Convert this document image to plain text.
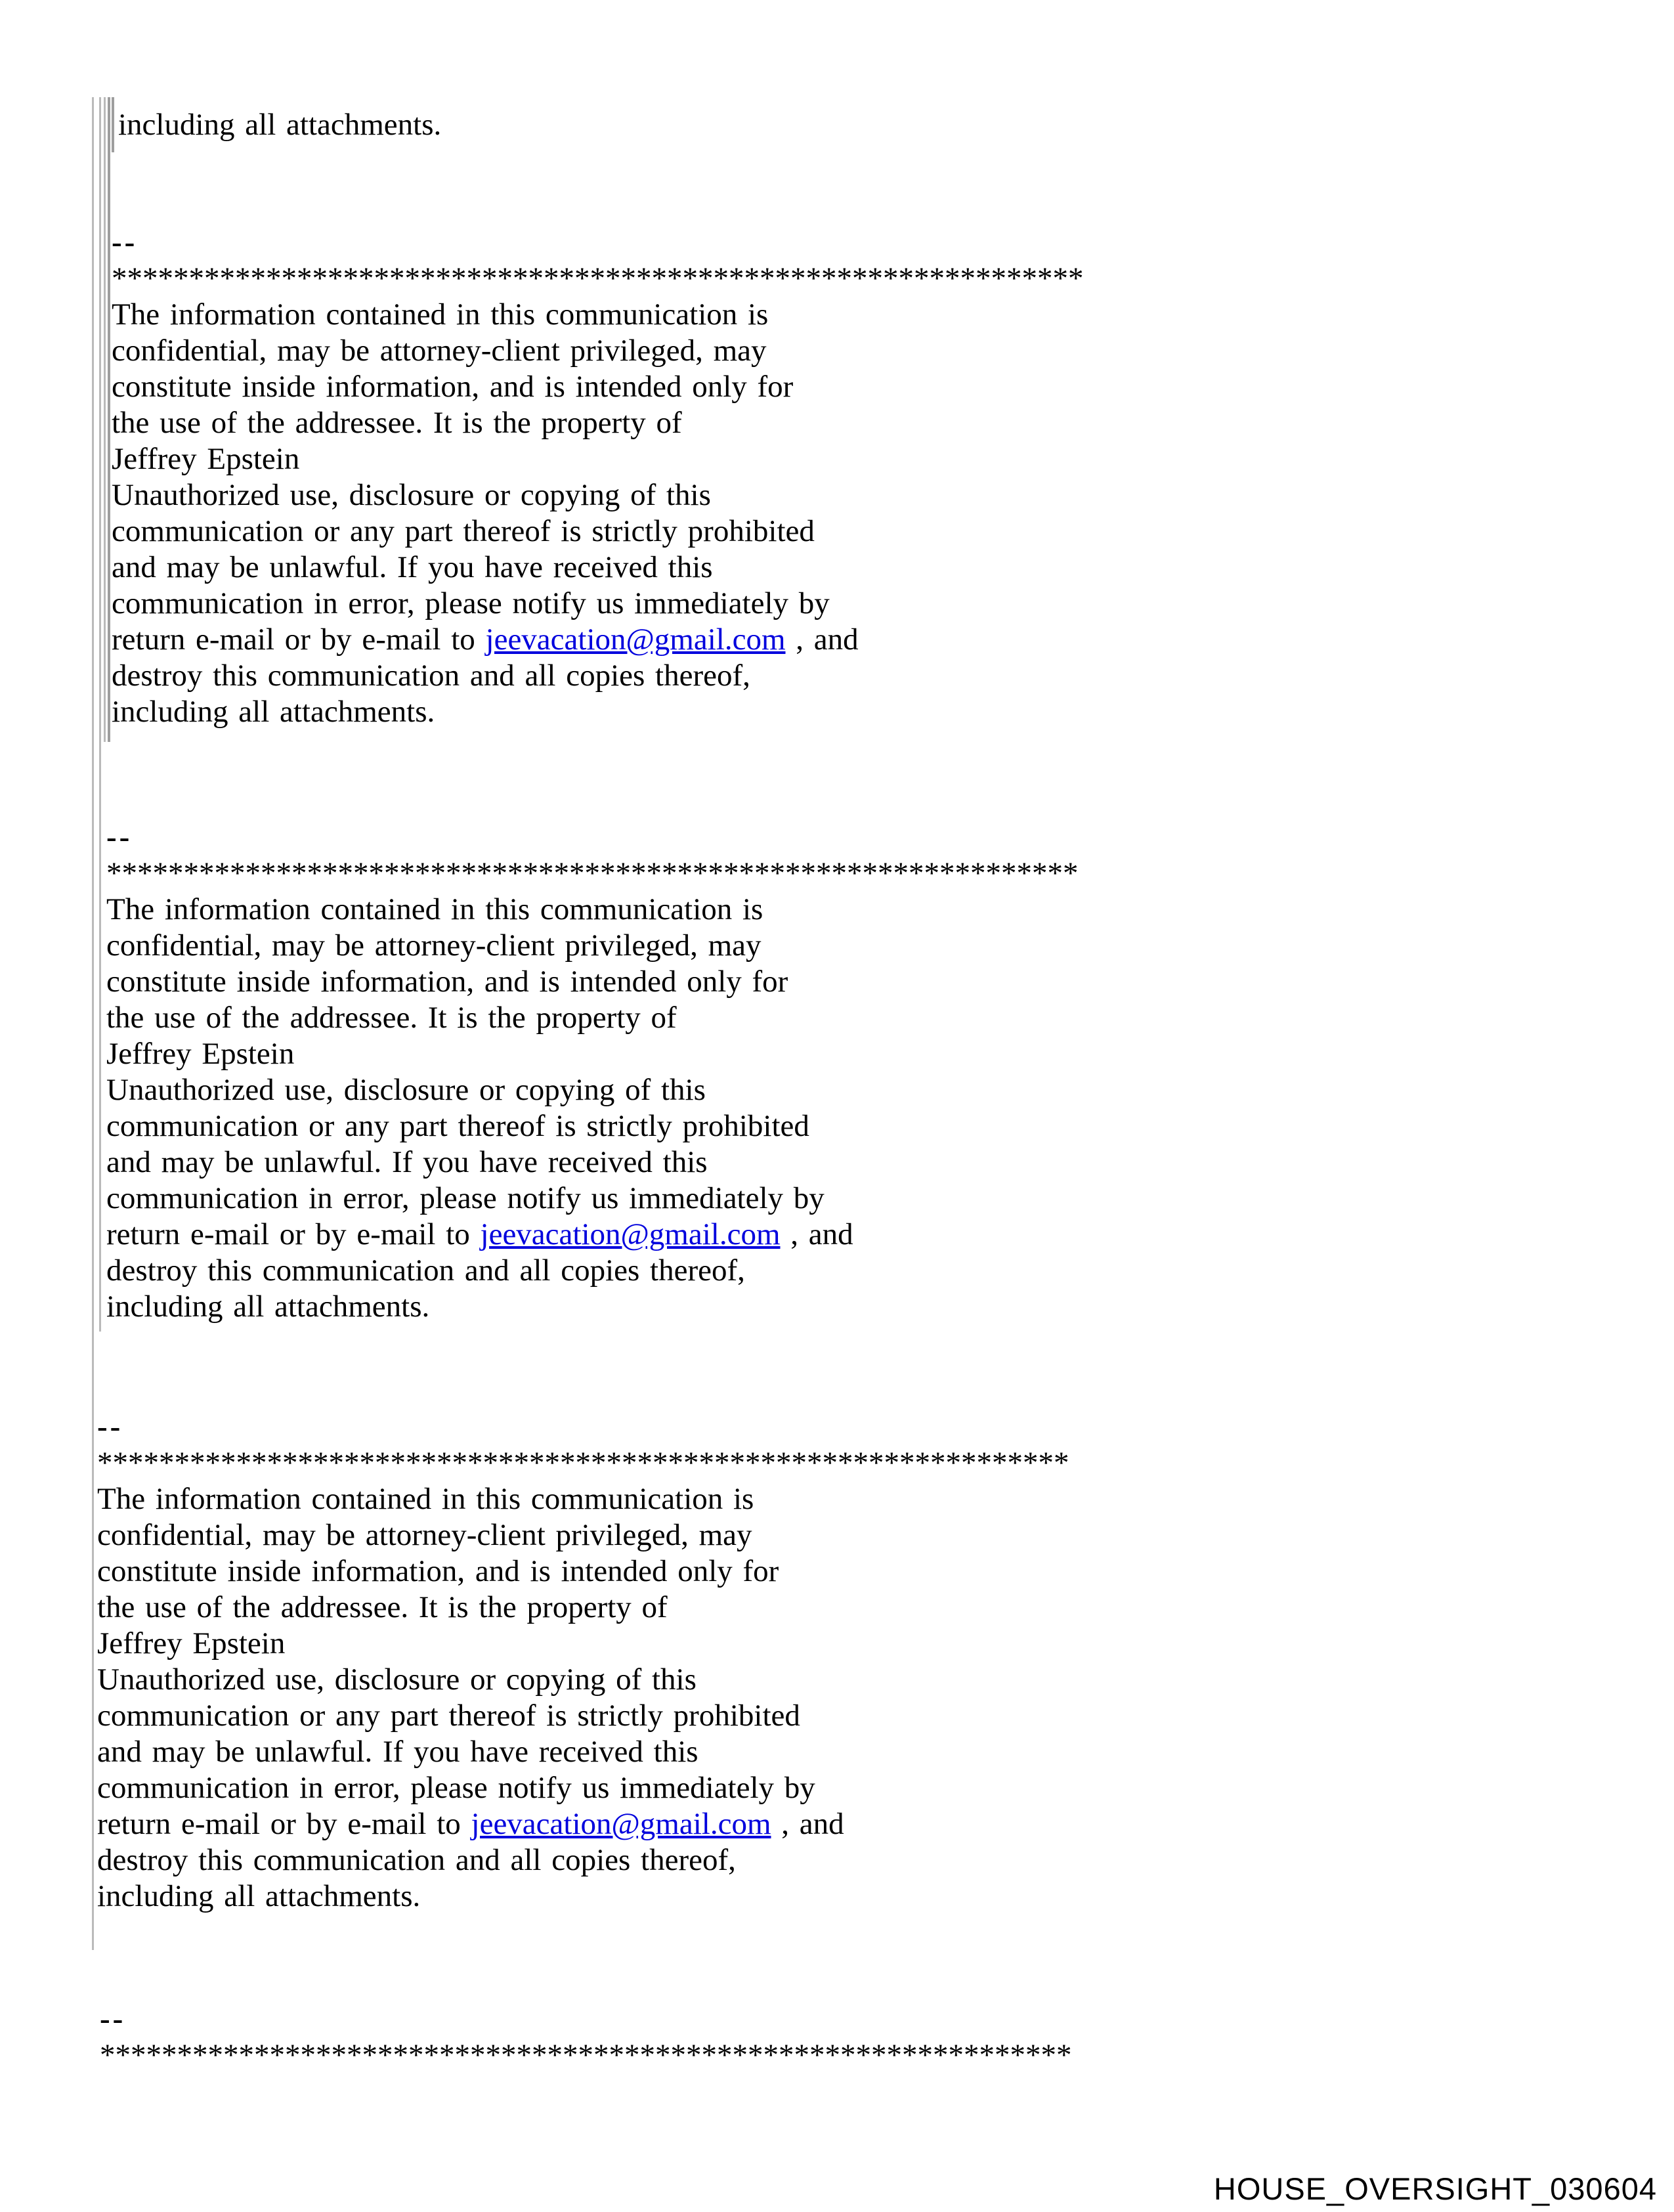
including all attachments.
--
***************************************************************
The information contained in this communication is
confidential, may be attorney-client privileged, may
constitute inside information, and is intended only for
the use of the addressee. It is the property of
Jeffrey Epstein
Unauthorized use, disclosure or copying of this
communication or any part thereof is strictly prohibited
and may be unlawful. If you have received this
communication in error, please notify us immediately by
return e-mail or by e-mail to jeevacation@gmail.com , and
destroy this communication and all copies thereof,
including all attachments.
--
***************************************************************
The information contained in this communication is
confidential, may be attorney-client privileged, may
constitute inside information, and is intended only for
the use of the addressee. It is the property of
Jeffrey Epstein
Unauthorized use, disclosure or copying of this
communication or any part thereof is strictly prohibited
and may be unlawful. If you have received this
communication in error, please notify us immediately by
return e-mail or by e-mail to jeevacation@gmail.com , and
destroy this communication and all copies thereof,
including all attachments.
--
***************************************************************
The information contained in this communication is
confidential, may be attorney-client privileged, may
constitute inside information, and is intended only for
the use of the addressee. It is the property of
Jeffrey Epstein
Unauthorized use, disclosure or copying of this
communication or any part thereof is strictly prohibited
and may be unlawful. If you have received this
communication in error, please notify us immediately by
return e-mail or by e-mail to jeevacation@gmail.com , and
destroy this communication and all copies thereof,
including all attachments.
--
***************************************************************
HOUSE_OVERSIGHT_030604
